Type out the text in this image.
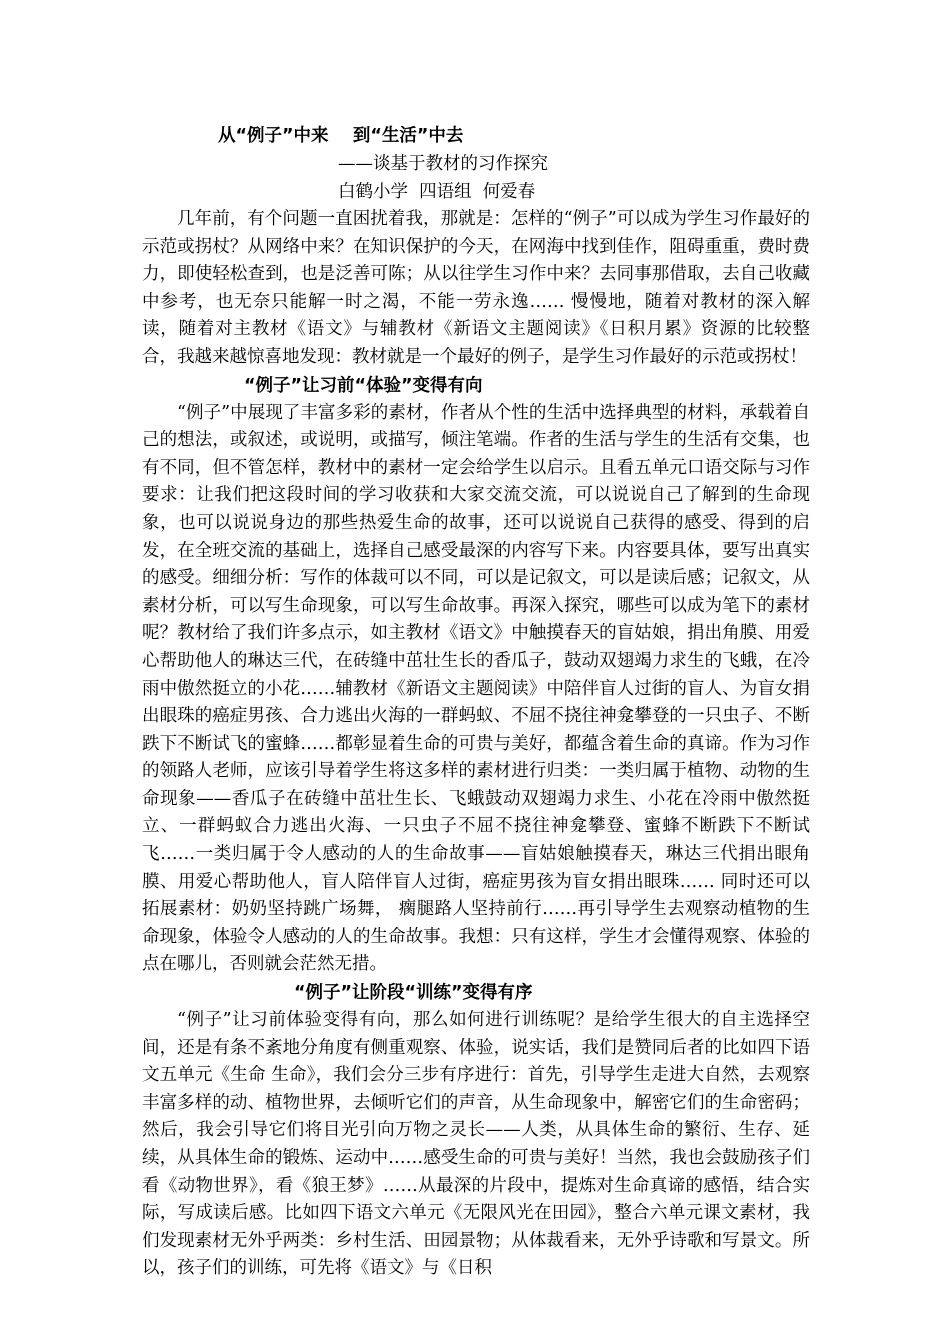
从“例子”中来    到“生活”中去
——谈基于教材的习作探究
白鹤小学  四语组  何爱春

几年前，有个问题一直困扰着我，那就是：怎样的“例子”可以成为学生习作最好的示范或拐杖？从网络中来？在知识保护的今天，在网海中找到佳作，阻碍重重，费时费力，即使轻松查到，也是泛善可陈；从以往学生习作中来？去同事那借取，去自己收藏中参考，也无奈只能解一时之渴，不能一劳永逸…… 慢慢地，随着对教材的深入解读，随着对主教材《语文》与辅教材《新语文主题阅读》《日积月累》资源的比较整合，我越来越惊喜地发现：教材就是一个最好的例子，是学生习作最好的示范或拐杖！

“例子”让习前“体验”变得有向

“例子”中展现了丰富多彩的素材，作者从个性的生活中选择典型的材料，承载着自己的想法，或叙述，或说明，或描写，倾注笔端。作者的生活与学生的生活有交集，也有不同，但不管怎样，教材中的素材一定会给学生以启示。且看五单元口语交际与习作要求：让我们把这段时间的学习收获和大家交流交流，可以说说自己了解到的生命现象，也可以说说身边的那些热爱生命的故事，还可以说说自己获得的感受、得到的启发，在全班交流的基础上，选择自己感受最深的内容写下来。内容要具体，要写出真实的感受。细细分析：写作的体裁可以不同，可以是记叙文，可以是读后感；记叙文，从素材分析，可以写生命现象，可以写生命故事。再深入探究，哪些可以成为笔下的素材呢？教材给了我们许多点示，如主教材《语文》中触摸春天的盲姑娘，捐出角膜、用爱心帮助他人的琳达三代，在砖缝中茁壮生长的香瓜子，鼓动双翅竭力求生的飞蛾，在冷雨中傲然挺立的小花……辅教材《新语文主题阅读》中陪伴盲人过街的盲人、为盲女捐出眼珠的癌症男孩、合力逃出火海的一群蚂蚁、不屈不挠往神龛攀登的一只虫子、不断跌下不断试飞的蜜蜂……都彰显着生命的可贵与美好，都蕴含着生命的真谛。作为习作的领路人老师，应该引导着学生将这多样的素材进行归类：一类归属于植物、动物的生命现象——香瓜子在砖缝中茁壮生长、飞蛾鼓动双翅竭力求生、小花在冷雨中傲然挺立、一群蚂蚁合力逃出火海、一只虫子不屈不挠往神龛攀登、蜜蜂不断跌下不断试飞……一类归属于令人感动的人的生命故事——盲姑娘触摸春天，琳达三代捐出眼角膜、用爱心帮助他人，盲人陪伴盲人过街，癌症男孩为盲女捐出眼珠…… 同时还可以拓展素材：奶奶坚持跳广场舞， 瘸腿路人坚持前行……再引导学生去观察动植物的生命现象，体验令人感动的人的生命故事。我想：只有这样，学生才会懂得观察、体验的点在哪儿，否则就会茫然无措。

“例子”让阶段“训练”变得有序

“例子”让习前体验变得有向，那么如何进行训练呢？是给学生很大的自主选择空间，还是有条不紊地分角度有侧重观察、体验，说实话，我们是赞同后者的比如四下语文五单元《生命 生命》，我们会分三步有序进行：首先，引导学生走进大自然，去观察丰富多样的动、植物世界，去倾听它们的声音，从生命现象中，解密它们的生命密码；然后，我会引导它们将目光引向万物之灵长——人类，从具体生命的繁衍、生存、延续，从具体生命的锻炼、运动中……感受生命的可贵与美好！当然，我也会鼓励孩子们看《动物世界》，看《狼王梦》……从最深的片段中，提炼对生命真谛的感悟，结合实际，写成读后感。比如四下语文六单元《无限风光在田园》，整合六单元课文素材，我们发现素材无外乎两类：乡村生活、田园景物；从体裁看来，无外乎诗歌和写景文。所以，孩子们的训练，可先将《语文》与《日积
